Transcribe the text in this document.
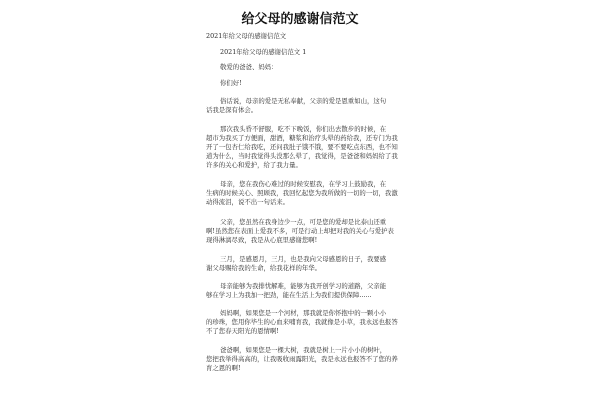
给父母的感谢信范文
2021年给父母的感谢信范文
2021年给父母的感谢信范文 1
敬爱的爸爸、妈妈：
你们好!
俗话说，母亲的爱是无私奉献，父亲的爱是恩重如山，这句
话我是深有体会。
那次我头昏不舒服，吃不下晚饭，你们出去散步的时候，在
超市为我买了方便面，甜酒，糖浆和治疗头晕的药给我，还专门为我
开了一包杏仁给我吃，还问我肚子饿不饿，要不要吃点东西，也不知
道为什么，当时我觉得头没那么晕了，我觉得，是爸爸和妈妈给了我
许多的关心和爱护，给了我力量。
母亲，您在我伤心难过的时候安慰我，在学习上鼓励我，在
生病的时候关心、照顾我，我回忆起您为我所做的一切的一切，我激
动得流泪，说不出一句话来。
父亲，您虽然在我身边少一点，可是您的爱却是比泰山还重
啊!虽然您在表面上爱我不多，可是行动上却把对我的关心与爱护表
现得淋漓尽致，我是从心底里感谢您啊!
三月，是感恩月，三月，也是我向父母感恩的日子，我要感
谢父母赐给我的生命，给我花样的年华。
母亲能够为我排忧解难，能够为我开创学习的道路，父亲能
够在学习上为我加一把劲，能在生活上为我们提供保障......
妈妈啊，如果您是一个河材，那我就是你怀抱中的一颗小小
的珍珠，您用你毕生的心血来哺育我，我就像是小草，我永远也报答
不了您春天阳光的恩情啊!
爸爸啊，如果您是一棵大树，我就是树上一片小小的树叶，
您把我举得高高的，让我吸收雨露阳光，我是永远也报答不了您的养
育之恩的啊!
